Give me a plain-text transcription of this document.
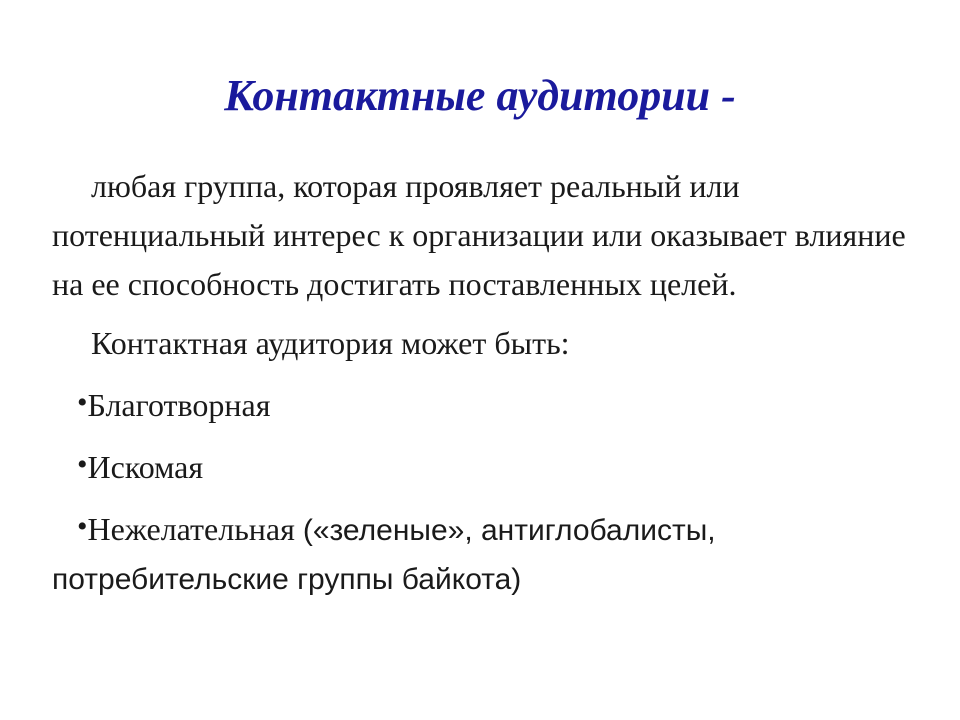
Контактные аудитории -

любая группа, которая проявляет реальный или потенциальный интерес к организации или оказывает влияние на ее способность достигать поставленных целей.

Контактная аудитория может быть:

•Благотворная

•Искомая

•Нежелательная («зеленые», антиглобалисты,

потребительские группы байкота)
